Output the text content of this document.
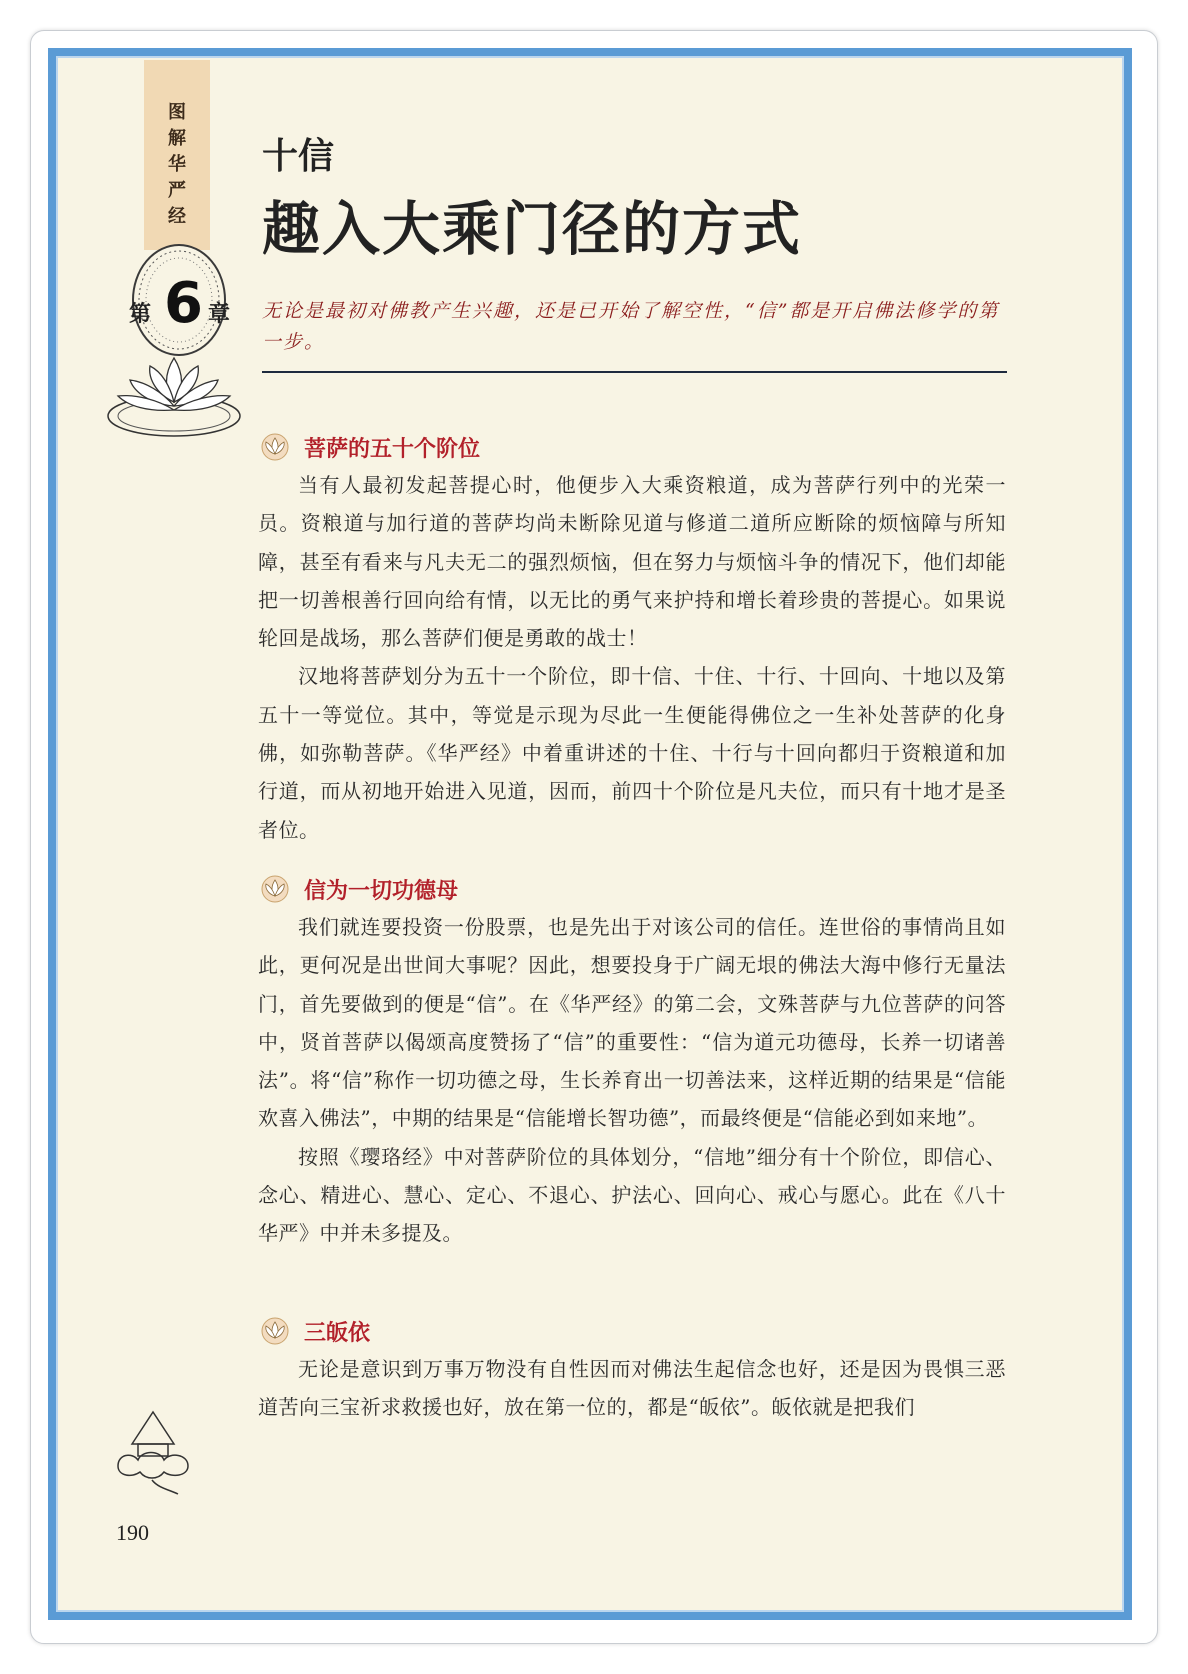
图
解
华
严
经
第 6 章
十信
趣入大乘门径的方式
无论是最初对佛教产生兴趣，还是已开始了解空性，“信”都是开启佛法修学的第一步。
菩萨的五十个阶位

当有人最初发起菩提心时，他便步入大乘资粮道，成为菩萨行列中的光荣一员。资粮道与加行道的菩萨均尚未断除见道与修道二道所应断除的烦恼障与所知障，甚至有看来与凡夫无二的强烈烦恼，但在努力与烦恼斗争的情况下，他们却能把一切善根善行回向给有情，以无比的勇气来护持和增长着珍贵的菩提心。如果说轮回是战场，那么菩萨们便是勇敢的战士！

汉地将菩萨划分为五十一个阶位，即十信、十住、十行、十回向、十地以及第五十一等觉位。其中，等觉是示现为尽此一生便能得佛位之一生补处菩萨的化身佛，如弥勒菩萨。《华严经》中着重讲述的十住、十行与十回向都归于资粮道和加行道，而从初地开始进入见道，因而，前四十个阶位是凡夫位，而只有十地才是圣者位。

信为一切功德母

我们就连要投资一份股票，也是先出于对该公司的信任。连世俗的事情尚且如此，更何况是出世间大事呢？因此，想要投身于广阔无垠的佛法大海中修行无量法门，首先要做到的便是“信”。在《华严经》的第二会，文殊菩萨与九位菩萨的问答中，贤首菩萨以偈颂高度赞扬了“信”的重要性：“信为道元功德母，长养一切诸善法”。将“信”称作一切功德之母，生长养育出一切善法来，这样近期的结果是“信能欢喜入佛法”，中期的结果是“信能增长智功德”，而最终便是“信能必到如来地”。

按照《璎珞经》中对菩萨阶位的具体划分，“信地”细分有十个阶位，即信心、念心、精进心、慧心、定心、不退心、护法心、回向心、戒心与愿心。此在《八十华严》中并未多提及。

三皈依

无论是意识到万事万物没有自性因而对佛法生起信念也好，还是因为畏惧三恶道苦向三宝祈求救援也好，放在第一位的，都是“皈依”。皈依就是把我们

190
